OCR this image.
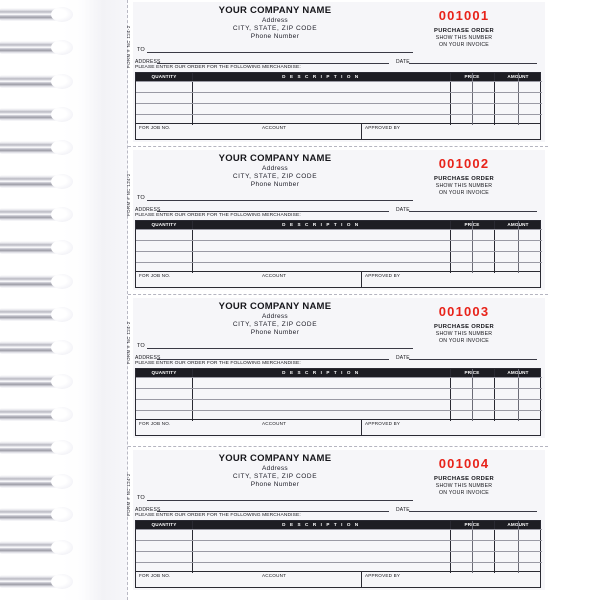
YOUR COMPANY NAME
Address
CITY, STATE, ZIP CODE
Phone Number
001001
PURCHASE ORDER
SHOW THIS NUMBER
ON YOUR INVOICE
TO
ADDRESS	DATE
PLEASE ENTER OUR ORDER FOR THE FOLLOWING MERCHANDISE:
QUANTITY	D E S C R I P T I O N	PRICE	AMOUNT
FOR JOB NO.	ACCOUNT	APPROVED BY
FORM # NC 124-2
YOUR COMPANY NAME
Address
CITY, STATE, ZIP CODE
Phone Number
001002
PURCHASE ORDER
SHOW THIS NUMBER
ON YOUR INVOICE
TO
ADDRESS	DATE
PLEASE ENTER OUR ORDER FOR THE FOLLOWING MERCHANDISE:
QUANTITY	D E S C R I P T I O N	PRICE	AMOUNT
FOR JOB NO.	ACCOUNT	APPROVED BY
FORM # NC 124-2
YOUR COMPANY NAME
Address
CITY, STATE, ZIP CODE
Phone Number
001003
PURCHASE ORDER
SHOW THIS NUMBER
ON YOUR INVOICE
TO
ADDRESS	DATE
PLEASE ENTER OUR ORDER FOR THE FOLLOWING MERCHANDISE:
QUANTITY	D E S C R I P T I O N	PRICE	AMOUNT
FOR JOB NO.	ACCOUNT	APPROVED BY
FORM # NC 124-2
YOUR COMPANY NAME
Address
CITY, STATE, ZIP CODE
Phone Number
001004
PURCHASE ORDER
SHOW THIS NUMBER
ON YOUR INVOICE
TO
ADDRESS	DATE
PLEASE ENTER OUR ORDER FOR THE FOLLOWING MERCHANDISE:
QUANTITY	D E S C R I P T I O N	PRICE	AMOUNT
FOR JOB NO.	ACCOUNT	APPROVED BY
FORM # NC 124-2
